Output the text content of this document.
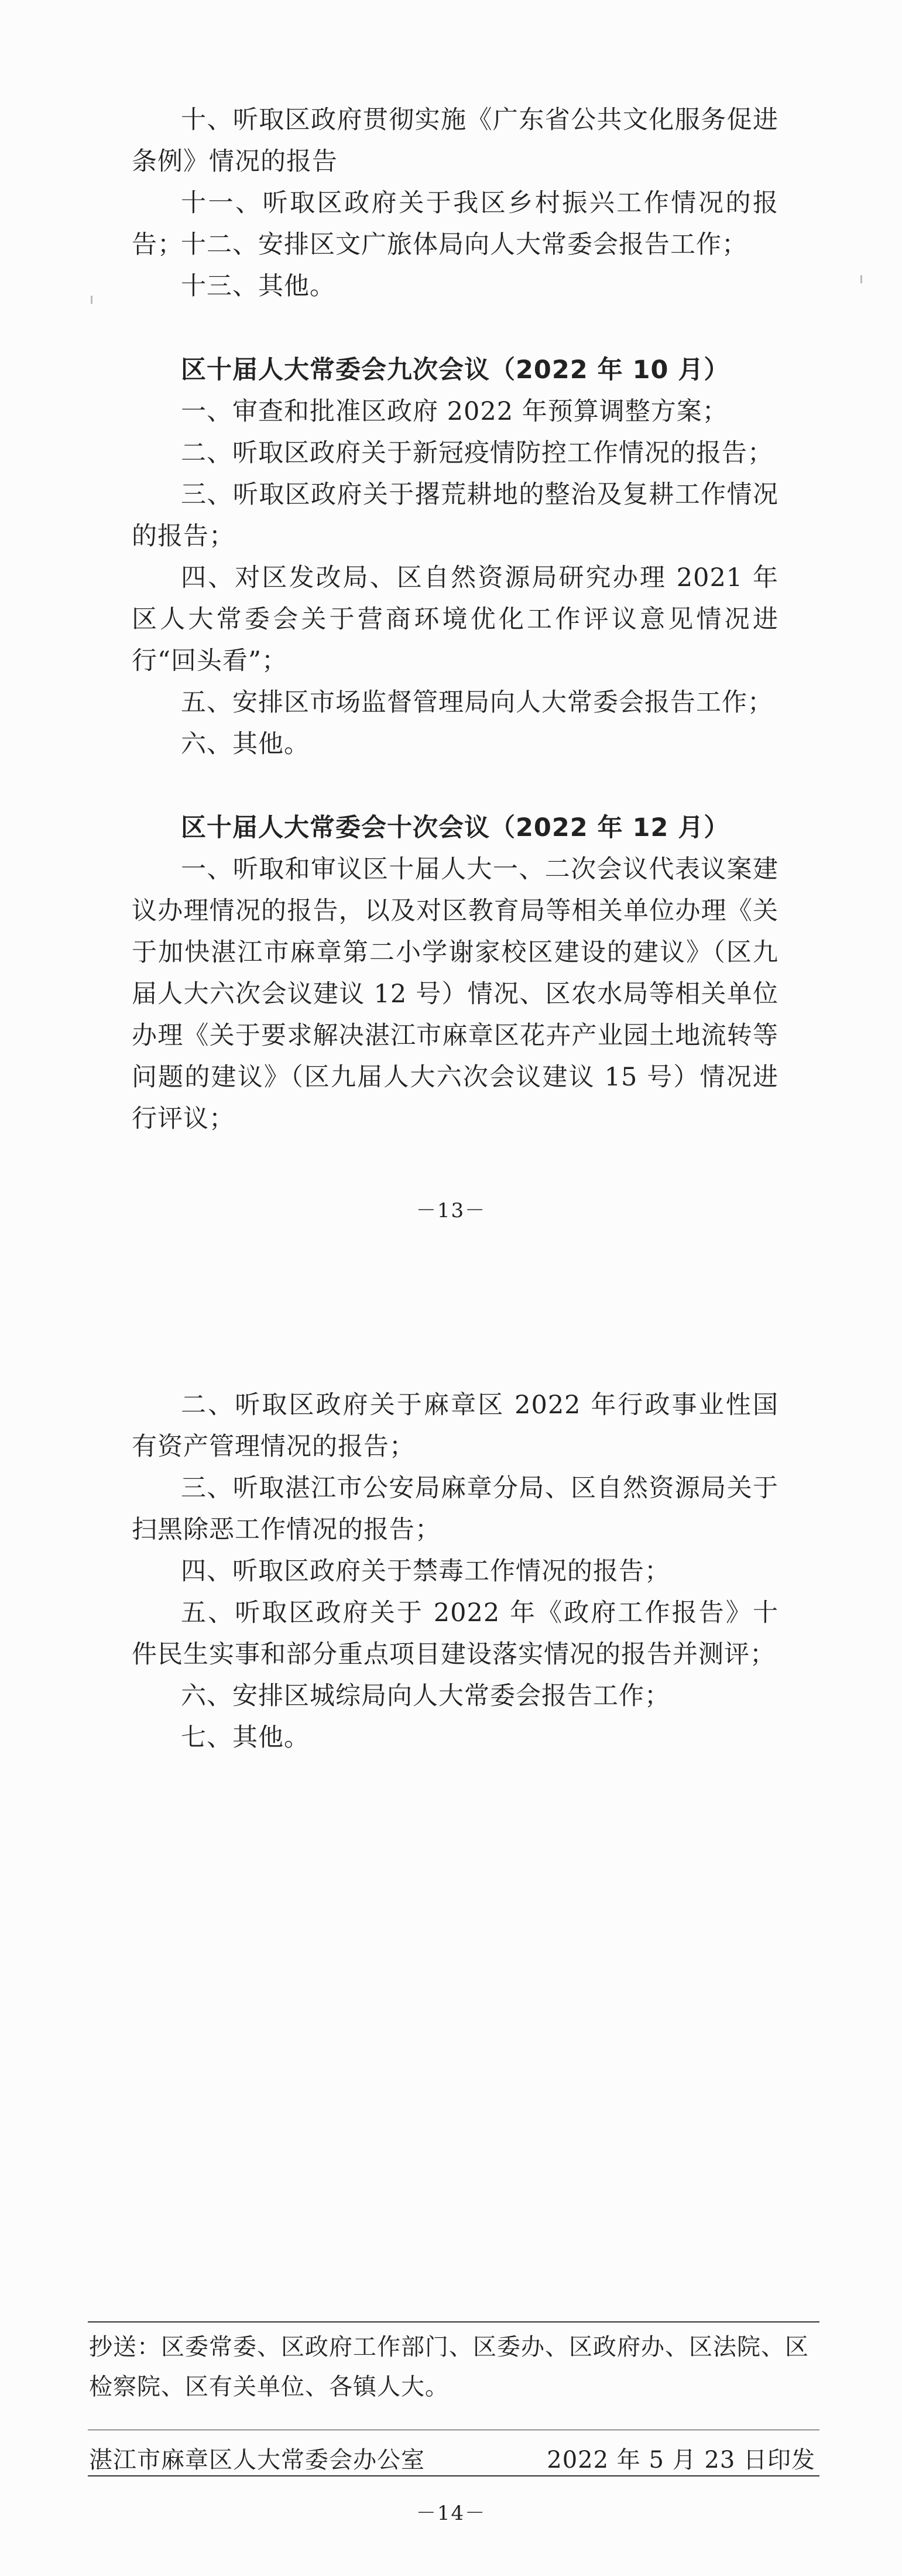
十、听取区政府贯彻实施《广东省公共文化服务促进条例》情况的报告

十一、听取区政府关于我区乡村振兴工作情况的报告；

十二、安排区文广旅体局向人大常委会报告工作；

十三、其他。

区十届人大常委会九次会议（2022 年 10 月）

一、审查和批准区政府 2022 年预算调整方案；

二、听取区政府关于新冠疫情防控工作情况的报告；

三、听取区政府关于撂荒耕地的整治及复耕工作情况的报告；

四、对区发改局、区自然资源局研究办理 2021 年区人大常委会关于营商环境优化工作评议意见情况进行“回头看”；

五、安排区市场监督管理局向人大常委会报告工作；

六、其他。

区十届人大常委会十次会议（2022 年 12 月）

一、听取和审议区十届人大一、二次会议代表议案建议办理情况的报告，以及对区教育局等相关单位办理《关于加快湛江市麻章第二小学谢家校区建设的建议》（区九届人大六次会议建议 12 号）情况、区农水局等相关单位办理《关于要求解决湛江市麻章区花卉产业园土地流转等问题的建议》（区九届人大六次会议建议 15 号）情况进行评议；

－13－

二、听取区政府关于麻章区 2022 年行政事业性国有资产管理情况的报告；

三、听取湛江市公安局麻章分局、区自然资源局关于扫黑除恶工作情况的报告；

四、听取区政府关于禁毒工作情况的报告；

五、听取区政府关于 2022 年《政府工作报告》十件民生实事和部分重点项目建设落实情况的报告并测评；

六、安排区城综局向人大常委会报告工作；

七、其他。

抄送：区委常委、区政府工作部门、区委办、区政府办、区法院、区检察院、区有关单位、各镇人大。

湛江市麻章区人大常委会办公室	2022 年 5 月 23 日印发
－14－
